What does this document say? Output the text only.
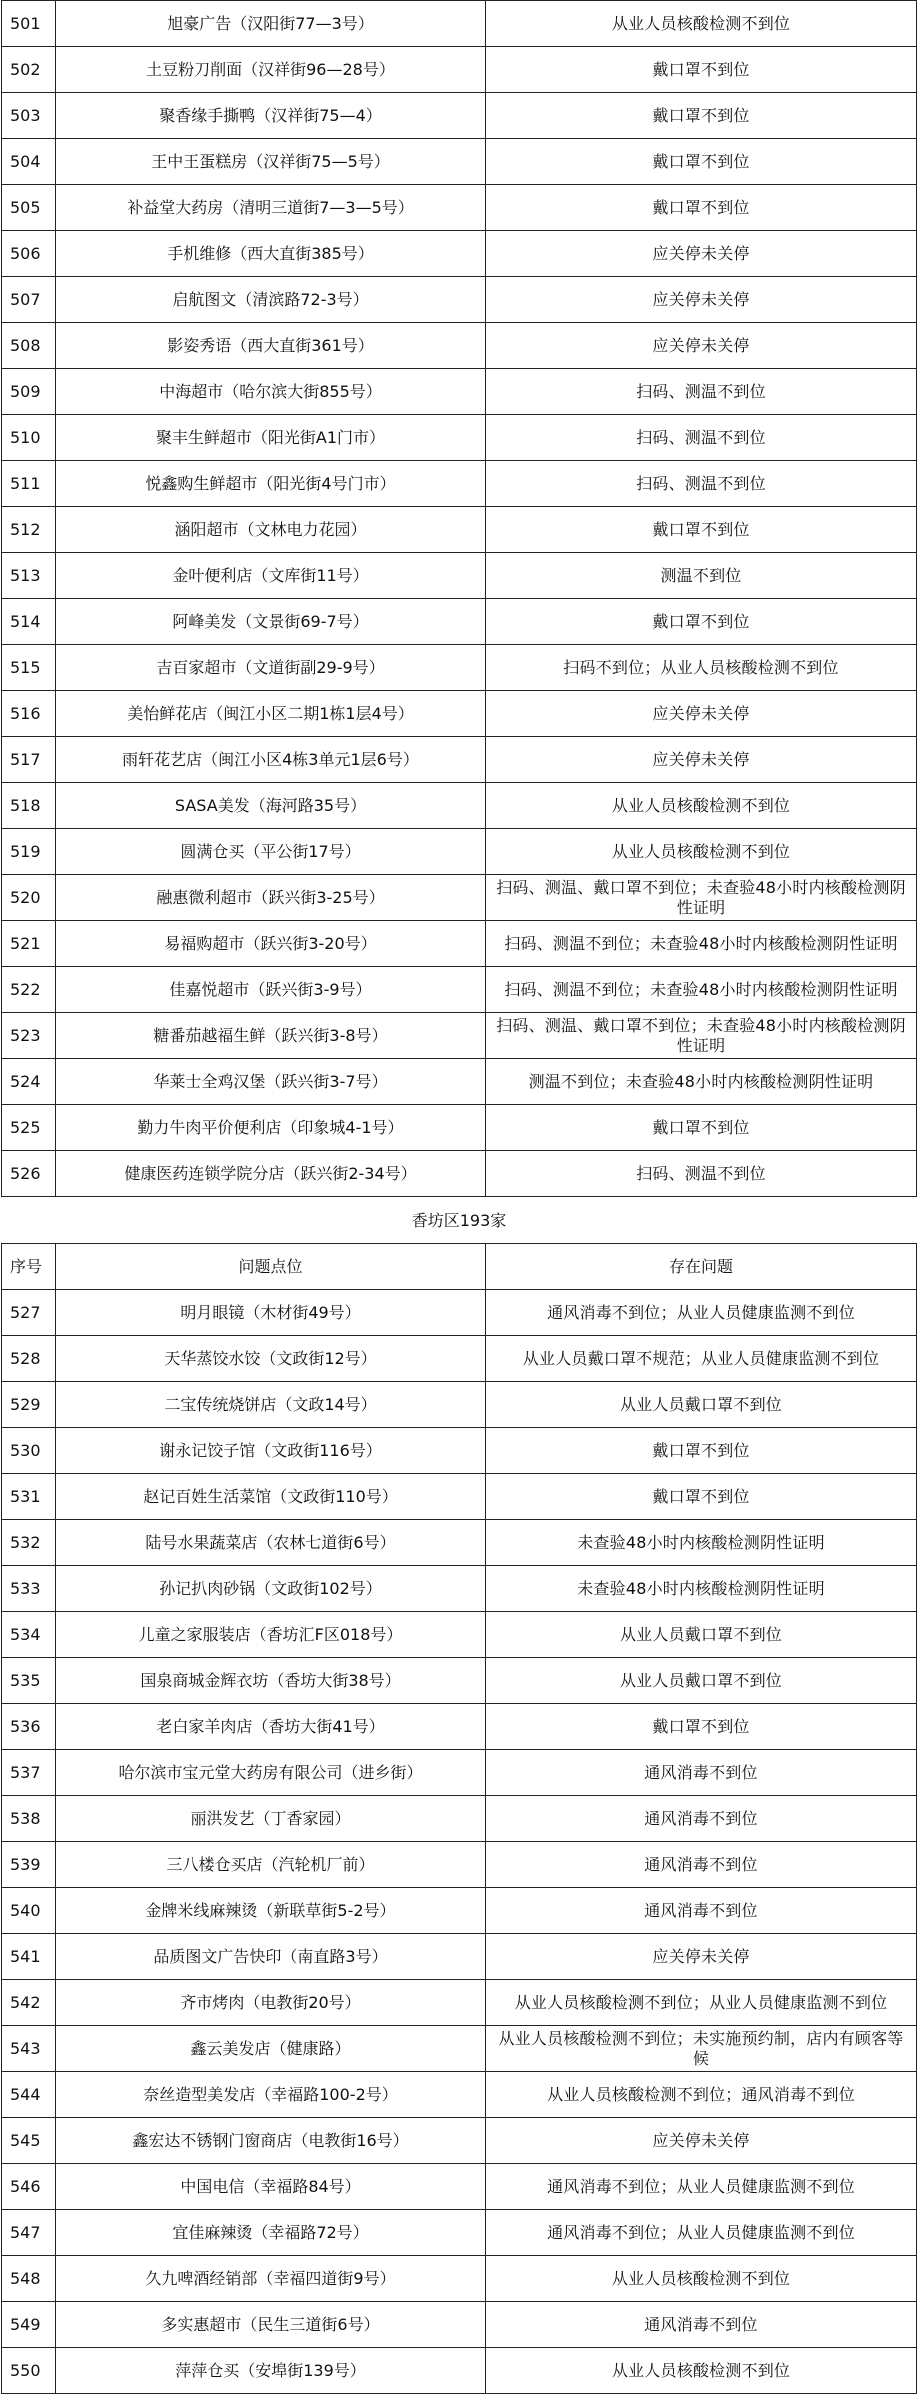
501	旭豪广告（汉阳街77—3号）	从业人员核酸检测不到位
502	土豆粉刀削面（汉祥街96—28号）	戴口罩不到位
503	聚香缘手撕鸭（汉祥街75—4）	戴口罩不到位
504	王中王蛋糕房（汉祥街75—5号）	戴口罩不到位
505	补益堂大药房（清明三道街7—3—5号）	戴口罩不到位
506	手机维修（西大直街385号）	应关停未关停
507	启航图文（清滨路72-3号）	应关停未关停
508	影姿秀语（西大直街361号）	应关停未关停
509	中海超市（哈尔滨大街855号）	扫码、测温不到位
510	聚丰生鲜超市（阳光街A1门市）	扫码、测温不到位
511	悦鑫购生鲜超市（阳光街4号门市）	扫码、测温不到位
512	涵阳超市（文林电力花园）	戴口罩不到位
513	金叶便利店（文库街11号）	测温不到位
514	阿峰美发（文景街69-7号）	戴口罩不到位
515	吉百家超市（文道街副29-9号）	扫码不到位；从业人员核酸检测不到位
516	美怡鲜花店（闽江小区二期1栋1层4号）	应关停未关停
517	雨轩花艺店（闽江小区4栋3单元1层6号）	应关停未关停
518	SASA美发（海河路35号）	从业人员核酸检测不到位
519	圆满仓买（平公街17号）	从业人员核酸检测不到位
520	融惠微利超市（跃兴街3-25号）	扫码、测温、戴口罩不到位；未查验48小时内核酸检测阴性证明
521	易福购超市（跃兴街3-20号）	扫码、测温不到位；未查验48小时内核酸检测阴性证明
522	佳嘉悦超市（跃兴街3-9号）	扫码、测温不到位；未查验48小时内核酸检测阴性证明
523	糖番茄越福生鲜（跃兴街3-8号）	扫码、测温、戴口罩不到位；未查验48小时内核酸检测阴性证明
524	华莱士全鸡汉堡（跃兴街3-7号）	测温不到位；未查验48小时内核酸检测阴性证明
525	勤力牛肉平价便利店（印象城4-1号）	戴口罩不到位
526	健康医药连锁学院分店（跃兴街2-34号）	扫码、测温不到位
香坊区193家		
序号	问题点位	存在问题
527	明月眼镜（木材街49号）	通风消毒不到位；从业人员健康监测不到位
528	天华蒸饺水饺（文政街12号）	从业人员戴口罩不规范；从业人员健康监测不到位
529	二宝传统烧饼店（文政14号）	从业人员戴口罩不到位
530	谢永记饺子馆（文政街116号）	戴口罩不到位
531	赵记百姓生活菜馆（文政街110号）	戴口罩不到位
532	陆号水果蔬菜店（农林七道街6号）	未查验48小时内核酸检测阴性证明
533	孙记扒肉砂锅（文政街102号）	未查验48小时内核酸检测阴性证明
534	儿童之家服装店（香坊汇F区018号）	从业人员戴口罩不到位
535	国泉商城金辉衣坊（香坊大街38号）	从业人员戴口罩不到位
536	老白家羊肉店（香坊大街41号）	戴口罩不到位
537	哈尔滨市宝元堂大药房有限公司（进乡街）	通风消毒不到位
538	丽洪发艺（丁香家园）	通风消毒不到位
539	三八楼仓买店（汽轮机厂前）	通风消毒不到位
540	金牌米线麻辣烫（新联草街5-2号）	通风消毒不到位
541	品质图文广告快印（南直路3号）	应关停未关停
542	齐市烤肉（电教街20号）	从业人员核酸检测不到位；从业人员健康监测不到位
543	鑫云美发店（健康路）	从业人员核酸检测不到位；未实施预约制，店内有顾客等候
544	奈丝造型美发店（幸福路100-2号）	从业人员核酸检测不到位；通风消毒不到位
545	鑫宏达不锈钢门窗商店（电教街16号）	应关停未关停
546	中国电信（幸福路84号）	通风消毒不到位；从业人员健康监测不到位
547	宜佳麻辣烫（幸福路72号）	通风消毒不到位；从业人员健康监测不到位
548	久九啤酒经销部（幸福四道街9号）	从业人员核酸检测不到位
549	多实惠超市（民生三道街6号）	通风消毒不到位
550	萍萍仓买（安埠街139号）	从业人员核酸检测不到位
